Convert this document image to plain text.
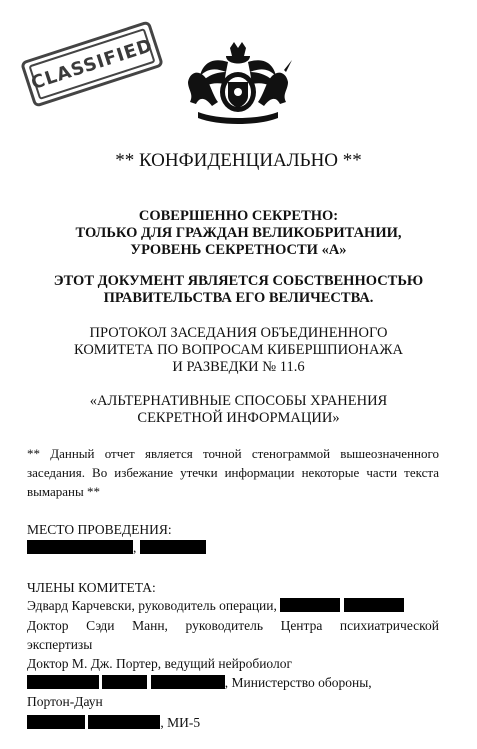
CLASSIFIED
** КОНФИДЕНЦИАЛЬНО **
СОВЕРШЕННО СЕКРЕТНО:
ТОЛЬКО ДЛЯ ГРАЖДАН ВЕЛИКОБРИТАНИИ,
УРОВЕНЬ СЕКРЕТНОСТИ «А»
ЭТОТ ДОКУМЕНТ ЯВЛЯЕТСЯ СОБСТВЕННОСТЬЮ
ПРАВИТЕЛЬСТВА ЕГО ВЕЛИЧЕСТВА.
ПРОТОКОЛ ЗАСЕДАНИЯ ОБЪЕДИНЕННОГО
КОМИТЕТА ПО ВОПРОСАМ КИБЕРШПИОНАЖА
И РАЗВЕДКИ № 11.6
«АЛЬТЕРНАТИВНЫЕ СПОСОБЫ ХРАНЕНИЯ
СЕКРЕТНОЙ ИНФОРМАЦИИ»
** Данный отчет является точной стенограммой вышеозначенного заседания. Во избежание утечки информации некоторые части текста вымараны **
МЕСТО ПРОВЕДЕНИЯ:
,
ЧЛЕНЫ КОМИТЕТА:
Эдвард Карчевски, руководитель операции,
Доктор Сэди Манн, руководитель Центра психиатрической
экспертизы
Доктор М. Дж. Портер, ведущий нейробиолог
, Министерство обороны,
Портон-Даун
, МИ-5
